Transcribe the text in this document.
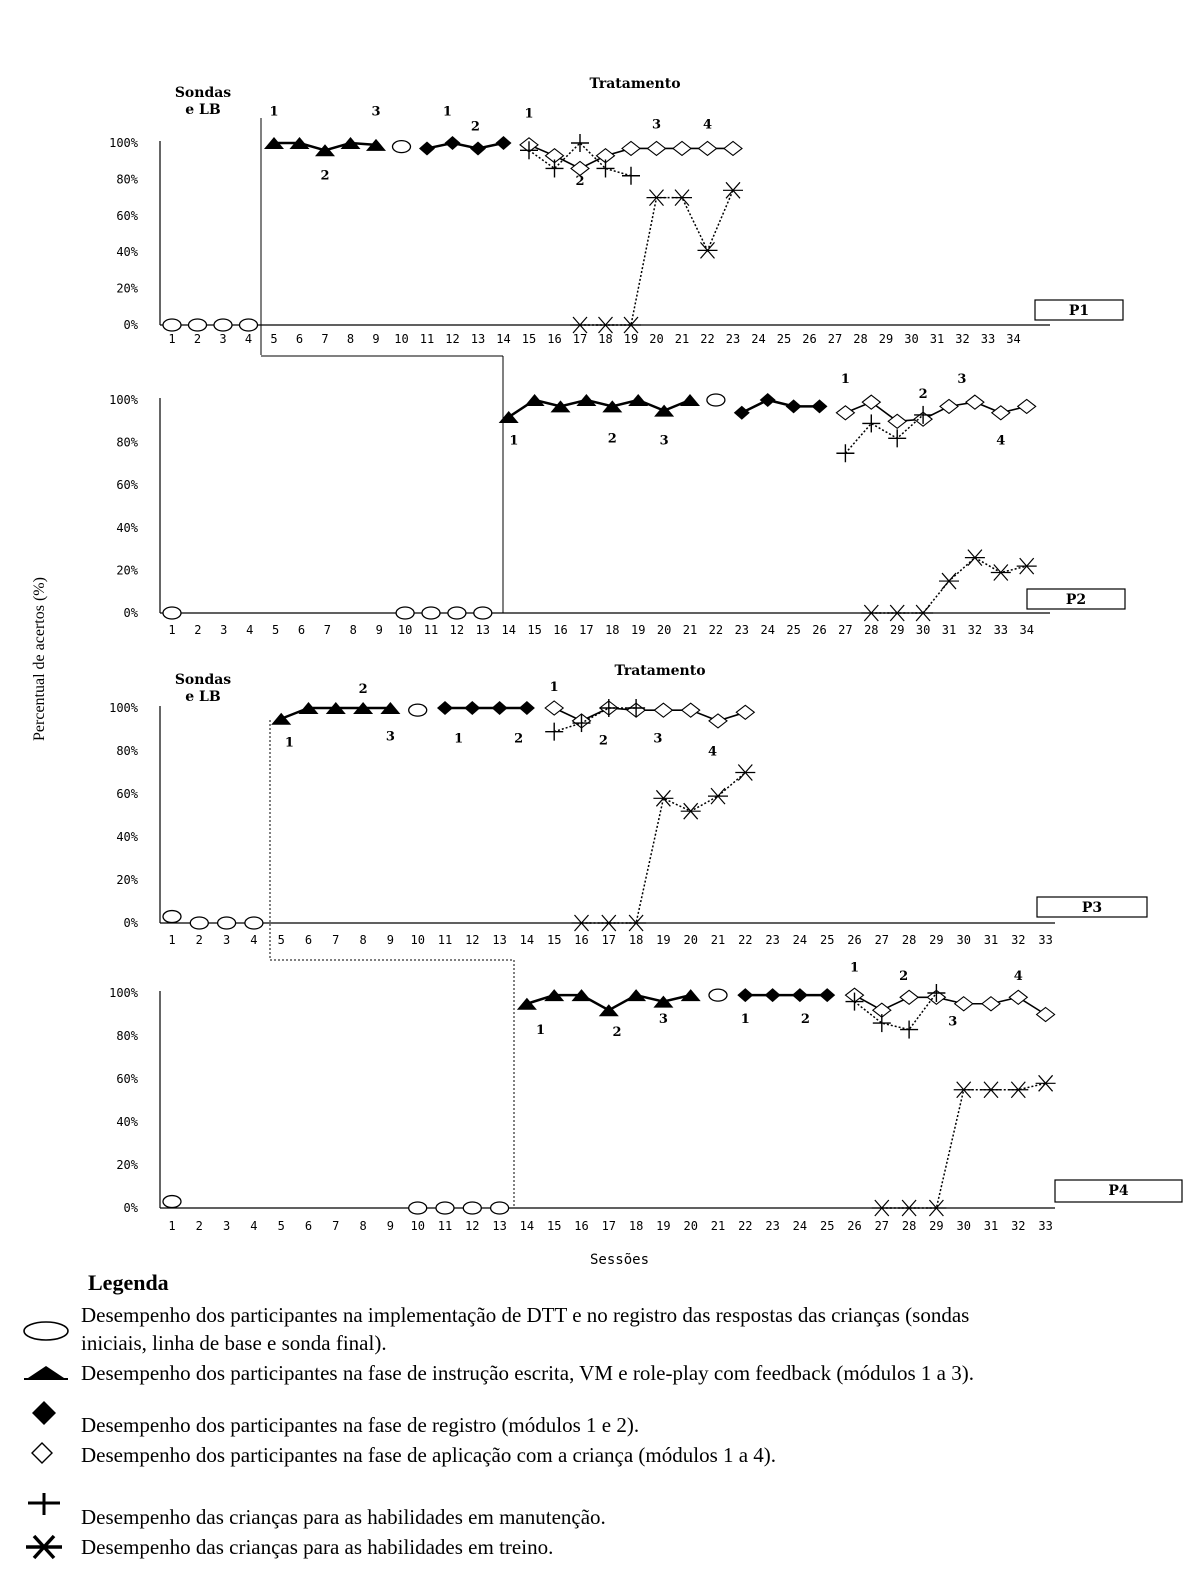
0%
20%
40%
60%
80%
100%
1 2 3 4 5 6 7 8 9 10 11 12 13 14 15 16 17 18 19 20 21 22 23 24 25 26 27 28 29 30 31 32 33 34
P1
Sondas
e LB
Tratamento
1
2
3	1
2
1
2
3	4
0%
20%
40%
60%
80%
100%
1 2 3 4 5 6 7 8 9 10 11 12 13 14 15 16 17 18 19 20 21 22 23 24 25 26 27 28 29 30 31 32 33 34
P2
1	2	3
1
2
3
4
0%
20%
40%
60%
80%
100%
1 2 3 4 5 6 7 8 9 10 11 12 13 14 15 16 17 18 19 20 21 22 23 24 25 26 27 28 29 30 31 32 33
P3
Sondas
e LB
Tratamento
2
1	3	1	2
1
2	3
4
0%
20%
40%
60%
80%
100%
1 2 3 4 5 6 7 8 9 10 11 12 13 14 15 16 17 18 19 20 21 22 23 24 25 26 27 28 29 30 31 32 33
P4
1	2
3	1	2
1
2
3
4
Percentual de acertos (%)
Sessões
Legenda
Desempenho dos participantes na implementação de DTT e no registro das respostas das crianças (sondas
iniciais, linha de base e sonda final).
Desempenho dos participantes na fase de instrução escrita, VM e role-play com feedback (módulos 1 a 3).
Desempenho dos participantes na fase de registro (módulos 1 e 2).
Desempenho dos participantes na fase de aplicação com a criança (módulos 1 a 4).
Desempenho das crianças para as habilidades em manutenção.
Desempenho das crianças para as habilidades em treino.
